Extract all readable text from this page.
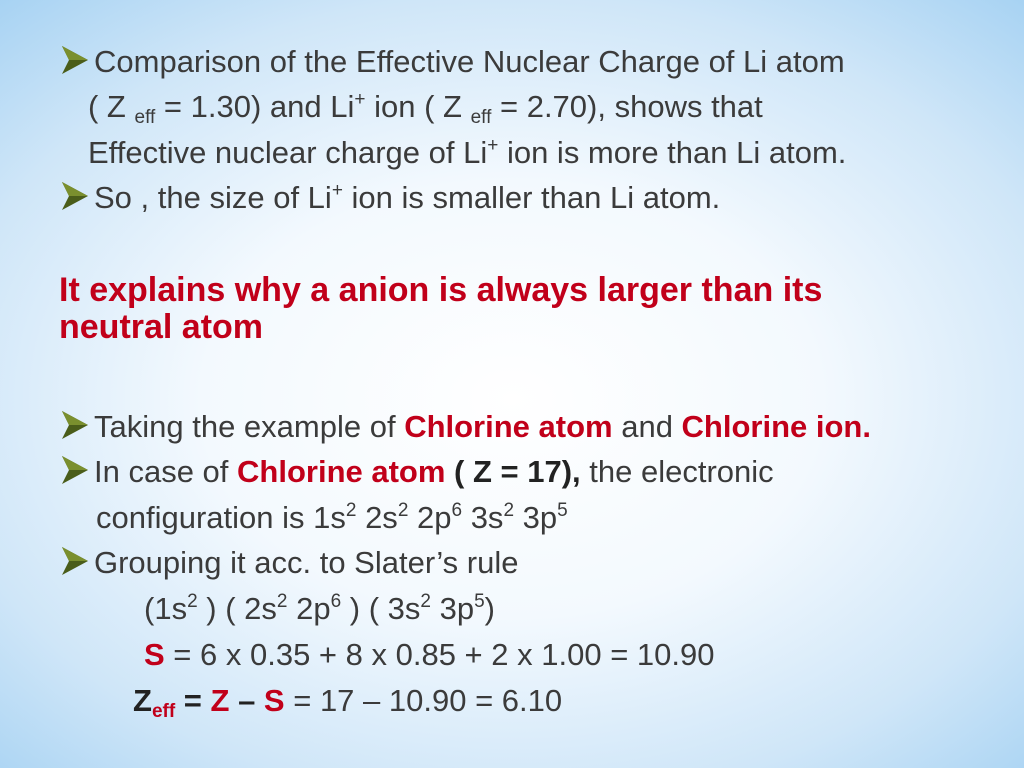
Comparison of the Effective Nuclear Charge of Li atom
( Z $_{eff}$ = 1.30) and Li+ ion ( Z $_{eff}$ = 2.70), shows that
Effective nuclear charge of Li+ ion is more than Li atom.
So , the size of Li+ ion is smaller than Li atom.
It explains why a anion is always larger than its
neutral atom
Taking the example of Chlorine atom and Chlorine ion.
In case of Chlorine atom ( Z = 17), the electronic
configuration is $1s^2$ $2s^2$ $2p^6$ $3s^2$ $3p^5$
Grouping it acc. to Slater’s rule
($1s^2$ ) ( $2s^2$ $2p^6$ ) ( $3s^2$ $3p^5$)
S = 6 x 0.35 + 8 x 0.85 + 2 x 1.00 = 10.90
$Z_{eff} = Z - S = 17 - 10.90 = 6.10$
